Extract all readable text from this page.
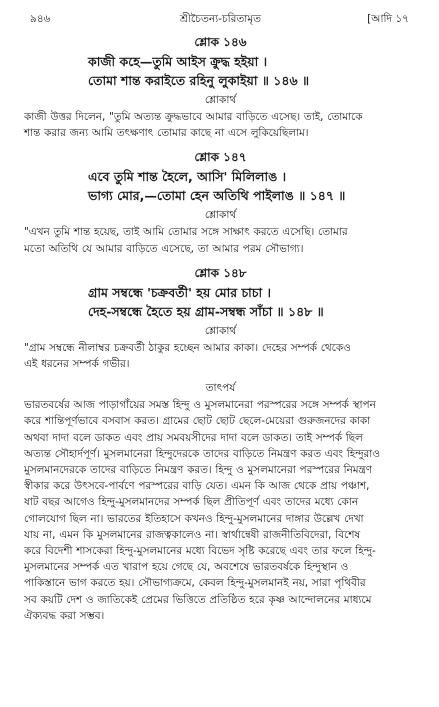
৯৪৬	শ্রীচৈতন্য-চরিতামৃত	[আদি ১৭
শ্লোক ১৪৬
কাজী কহে—তুমি আইস ক্রুদ্ধ হইয়া ।
তোমা শান্ত করাইতে রহিনু লুকাইয়া ॥ ১৪৬ ॥
শ্লোকার্থ

কাজী উত্তর দিলেন, "তুমি অত্যন্ত ক্রুদ্ধভাবে আমার বাড়িতে এসেছ। তাই, তোমাকে

শান্ত করার জন্য আমি তৎক্ষণাৎ তোমার কাছে না এসে লুকিয়েছিলাম।

শ্লোক ১৪৭
এবে তুমি শান্ত হৈলে, আসি' মিলিলাঙ ।
ভাগ্য মোর,—তোমা হেন অতিথি পাইলাঙ ॥ ১৪৭ ॥
শ্লোকার্থ

"এখন তুমি শান্ত হয়েছ, তাই আমি তোমার সঙ্গে সাক্ষাৎ করতে এসেছি। তোমার

মতো অতিথি যে আমার বাড়িতে এসেছে, তা আমার পরম সৌভাগ্য।

শ্লোক ১৪৮
গ্রাম সম্বন্ধে 'চক্রবর্তী' হয় মোর চাচা ।
দেহ-সম্বন্ধে হৈতে হয় গ্রাম-সম্বন্ধ সাঁচা ॥ ১৪৮ ॥
শ্লোকার্থ

"গ্রাম সম্বন্ধে নীলাম্বর চক্রবর্তী ঠাকুর হচ্ছেন আমার কাকা। দেহের সম্পর্ক থেকেও

এই ধরনের সম্পর্ক গভীর।

তাৎপর্য

ভারতবর্ষের আজ পাড়াগাঁয়ের সমস্ত হিন্দু ও মুসলমানেরা পরস্পরের সঙ্গে সম্পর্ক স্থাপন

করে শান্তিপূর্ণভাবে বসবাস করত। গ্রামের ছোট ছোট ছেলে-মেয়েরা গুরুজনদের কাকা

অথবা দাদা বলে ডাকত এবং প্রায় সমবয়সীদের দাদা বলে ডাকত। তাই সম্পর্ক ছিল

অত্যন্ত সৌহার্দপূর্ণ। মুসলমানেরা হিন্দুদেরকে তাদের বাড়িতে নিমন্ত্রণ করত এবং হিন্দুরাও

মুসলমানদেরকে তাদের বাড়িতে নিমন্ত্রণ করত। হিন্দু ও মুসলমানেরা পরস্পরের নিমন্ত্রণ

স্বীকার করে উৎসবে-পার্বণে পরস্পরের বাড়ি যেত। এমন কি আজ থেকে প্রায় পঞ্চাশ,

ষাট বছর আগেও হিন্দু-মুসলমানদের সম্পর্ক ছিল প্রীতিপূর্ণ এবং তাদের মধ্যে কোন

গোলযোগ ছিল না। ভারতের ইতিহাসে কখনও হিন্দু-মুসলমানের দাঙ্গার উল্লেখ দেখা

যায় না, এমন কি মুসলমানের রাজত্বকালেও না। স্বার্থান্বেষী রাজনীতিবিদেরা, বিশেষ

করে বিদেশী শাসকেরা হিন্দু-মুসলমানের মধ্যে বিভেদ সৃষ্টি করেছে এবং তার ফলে হিন্দু-

মুসলমানের সম্পর্ক এত খারাপ হয়ে গেছে যে, অবশেষে ভারতবর্ষকে হিন্দুস্থান ও

পাকিস্তানে ভাগ করতে হয়। সৌভাগ্যক্রমে, কেবল হিন্দু-মুসলমানই নয়, সারা পৃথিবীর

সব কয়টি দেশ ও জাতিকেই প্রেমের ভিত্তিতে প্রতিষ্ঠিত হরে কৃষ্ণ আন্দোলনের মাধ্যমে

ঐক্যবদ্ধ করা সম্ভব।
